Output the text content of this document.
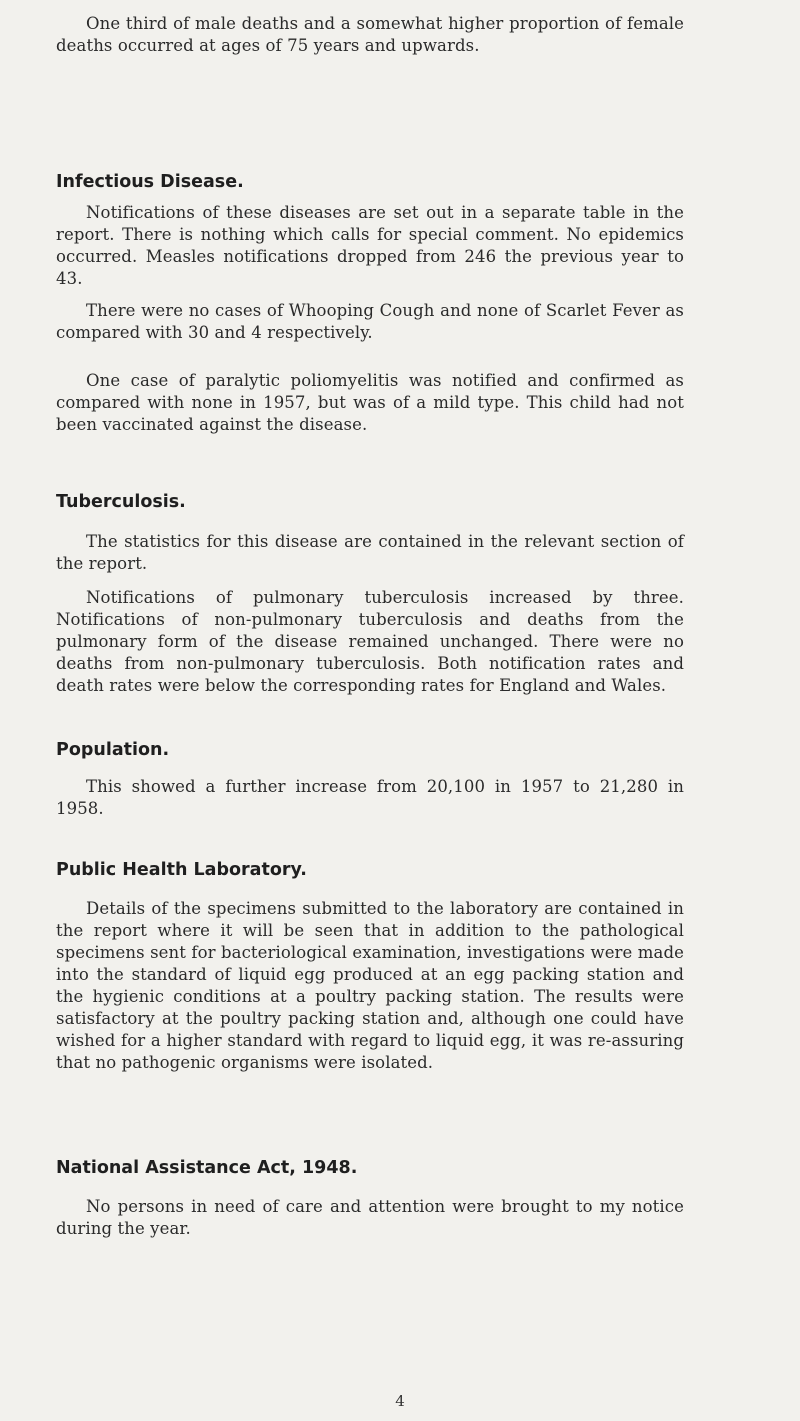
One third of male deaths and a somewhat higher proportion of female deaths occurred at ages of 75 years and upwards.

Infectious Disease.

Notifications of these diseases are set out in a separate table in the report. There is nothing which calls for special comment. No epidemics occurred. Measles notifications dropped from 246 the previous year to 43.

There were no cases of Whooping Cough and none of Scarlet Fever as compared with 30 and 4 respectively.

One case of paralytic poliomyelitis was notified and confirmed as compared with none in 1957, but was of a mild type. This child had not been vaccinated against the disease.

Tuberculosis.

The statistics for this disease are contained in the relevant section of the report.

Notifications of pulmonary tuberculosis increased by three. Notifications of non-pulmonary tuberculosis and deaths from the pulmonary form of the disease remained unchanged. There were no deaths from non-pulmonary tuberculosis. Both notification rates and death rates were below the corresponding rates for England and Wales.

Population.

This showed a further increase from 20,100 in 1957 to 21,280 in 1958.

Public Health Laboratory.

Details of the specimens submitted to the laboratory are contained in the report where it will be seen that in addition to the pathological specimens sent for bacteriological examination, investigations were made into the standard of liquid egg produced at an egg packing station and the hygienic conditions at a poultry packing station. The results were satisfactory at the poultry packing station and, although one could have wished for a higher standard with regard to liquid egg, it was re-assuring that no pathogenic organisms were isolated.

National Assistance Act, 1948.

No persons in need of care and attention were brought to my notice during the year.

4
